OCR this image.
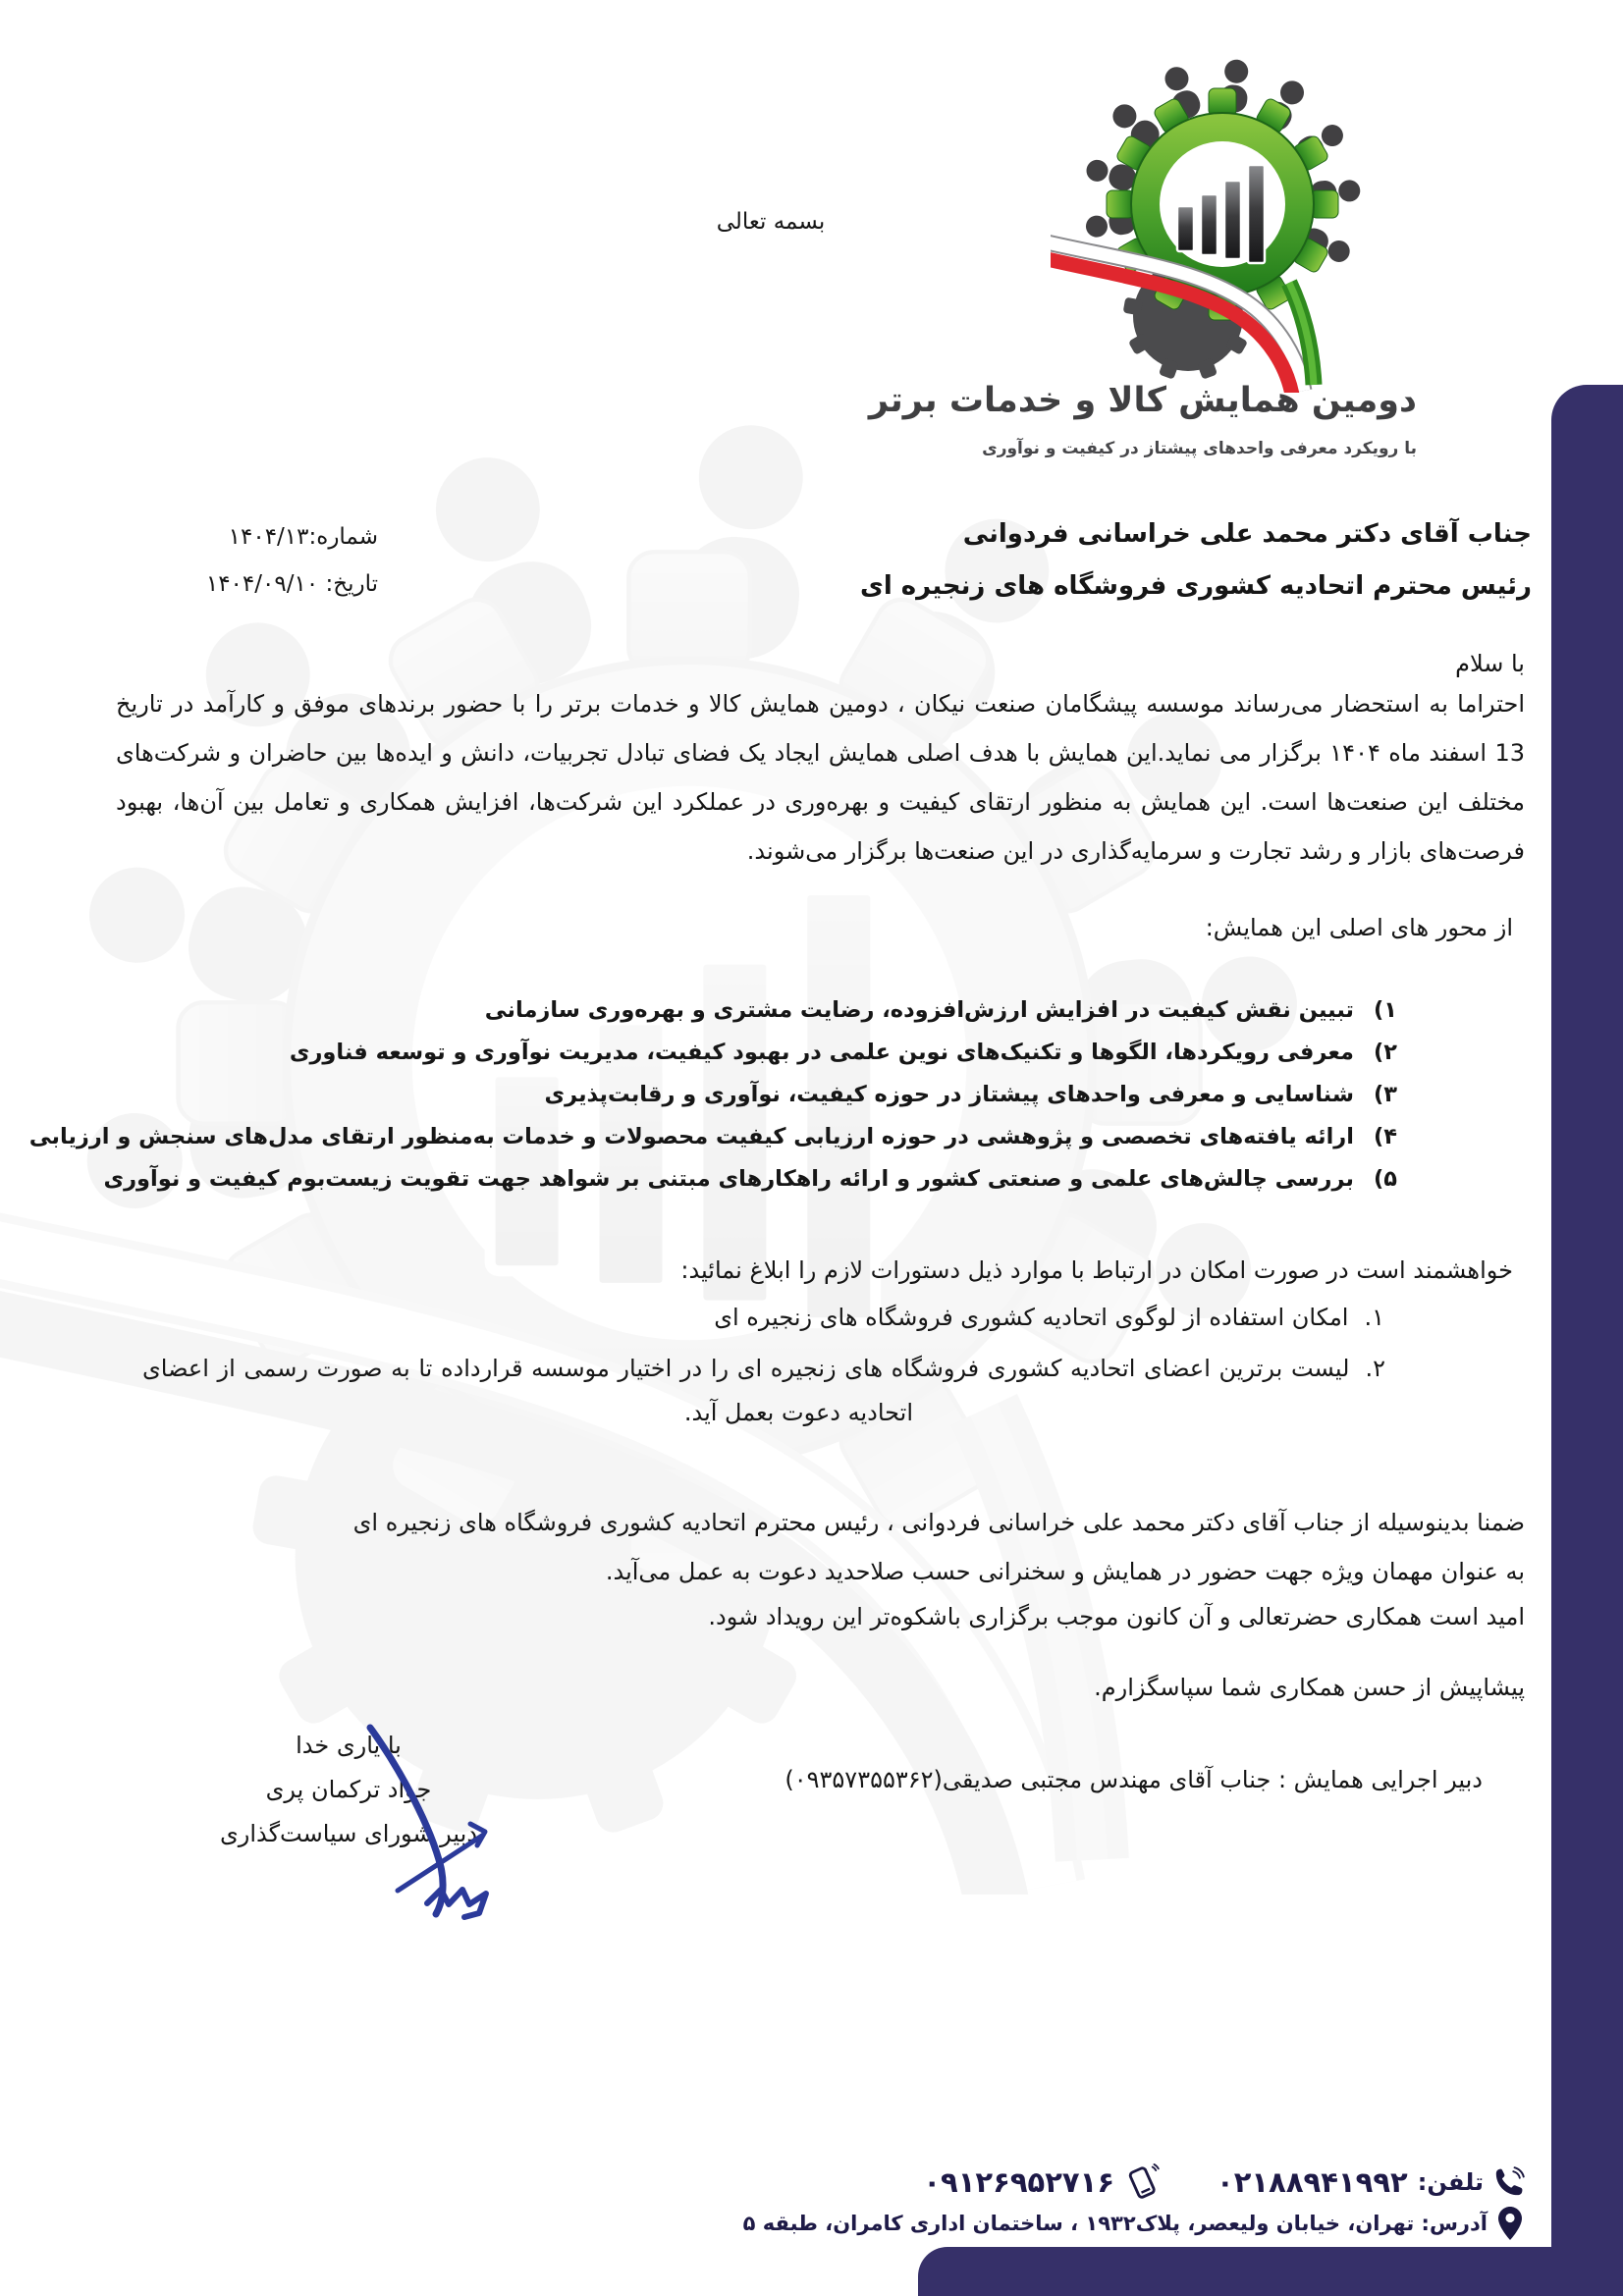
بسمه تعالی
دومین همایش کالا و خدمات برتر
با رویکرد معرفی واحدهای پیشتاز در کیفیت و نوآوری
شماره:۱۴۰۴/۱۳
تاریخ: ۱۴۰۴/۰۹/۱۰
جناب آقای دکتر محمد علی خراسانی فردوانی
رئیس محترم اتحادیه کشوری فروشگاه های زنجیره ای
با سلام
احتراما به استحضار می‌رساند موسسه پیشگامان صنعت نیکان ، دومین همایش کالا و خدمات برتر را با حضور برندهای موفق و کارآمد در تاریخ
13 اسفند ماه ۱۴۰۴ برگزار می نماید.این همایش با هدف اصلی همایش ایجاد یک فضای تبادل تجربیات، دانش و ایده‌ها بین حاضران و شرکت‌های
مختلف این صنعت‌ها است. این همایش به منظور ارتقای کیفیت و بهره‌وری در عملکرد این شرکت‌ها، افزایش همکاری و تعامل بین آن‌ها، بهبود
فرصت‌های بازار و رشد تجارت و سرمایه‌گذاری در این صنعت‌ها برگزار می‌شوند.
از محور های اصلی این همایش:
۱)تبیین نقش کیفیت در افزایش ارزش‌افزوده، رضایت مشتری و بهره‌وری سازمانی
۲)معرفی رویکردها، الگوها و تکنیک‌های نوین علمی در بهبود کیفیت، مدیریت نوآوری و توسعه فناوری
۳)شناسایی و معرفی واحدهای پیشتاز در حوزه کیفیت، نوآوری و رقابت‌پذیری
۴)ارائه یافته‌های تخصصی و پژوهشی در حوزه ارزیابی کیفیت محصولات و خدمات به‌منظور ارتقای مدل‌های سنجش و ارزیابی
۵)بررسی چالش‌های علمی و صنعتی کشور و ارائه راهکارهای مبتنی بر شواهد جهت تقویت زیست‌بوم کیفیت و نوآوری
خواهشمند است در صورت امکان در ارتباط با موارد ذیل دستورات لازم را ابلاغ نمائید:
۱.امکان استفاده از لوگوی اتحادیه کشوری فروشگاه های زنجیره ای
۲.لیست برترین اعضای اتحادیه کشوری فروشگاه های زنجیره ای را در اختیار موسسه قرارداده تا به صورت رسمی از اعضای
اتحادیه دعوت بعمل آید.
ضمنا بدینوسیله از جناب آقای دکتر محمد علی خراسانی فردوانی ، رئیس محترم اتحادیه کشوری فروشگاه های زنجیره ای
به عنوان مهمان ویژه جهت حضور در همایش و سخنرانی حسب صلاحدید دعوت به عمل می‌آید.
امید است همکاری حضرتعالی و آن کانون موجب برگزاری باشکوه‌تر این رویداد شود.
پیشاپیش از حسن همکاری شما سپاسگزارم.
دبیر اجرایی همایش : جناب آقای مهندس مجتبی صدیقی(۰۹۳۵۷۳۵۵۳۶۲)
با یاری خدا
جواد ترکمان پری
دبیر شورای سیاست‌گذاری
تلفن:
۰۲۱۸۸۹۴۱۹۹۲
۰۹۱۲۶۹۵۲۷۱۶
آدرس: تهران، خیابان ولیعصر، پلاک۱۹۳۲ ، ساختمان اداری کامران، طبقه ۵
